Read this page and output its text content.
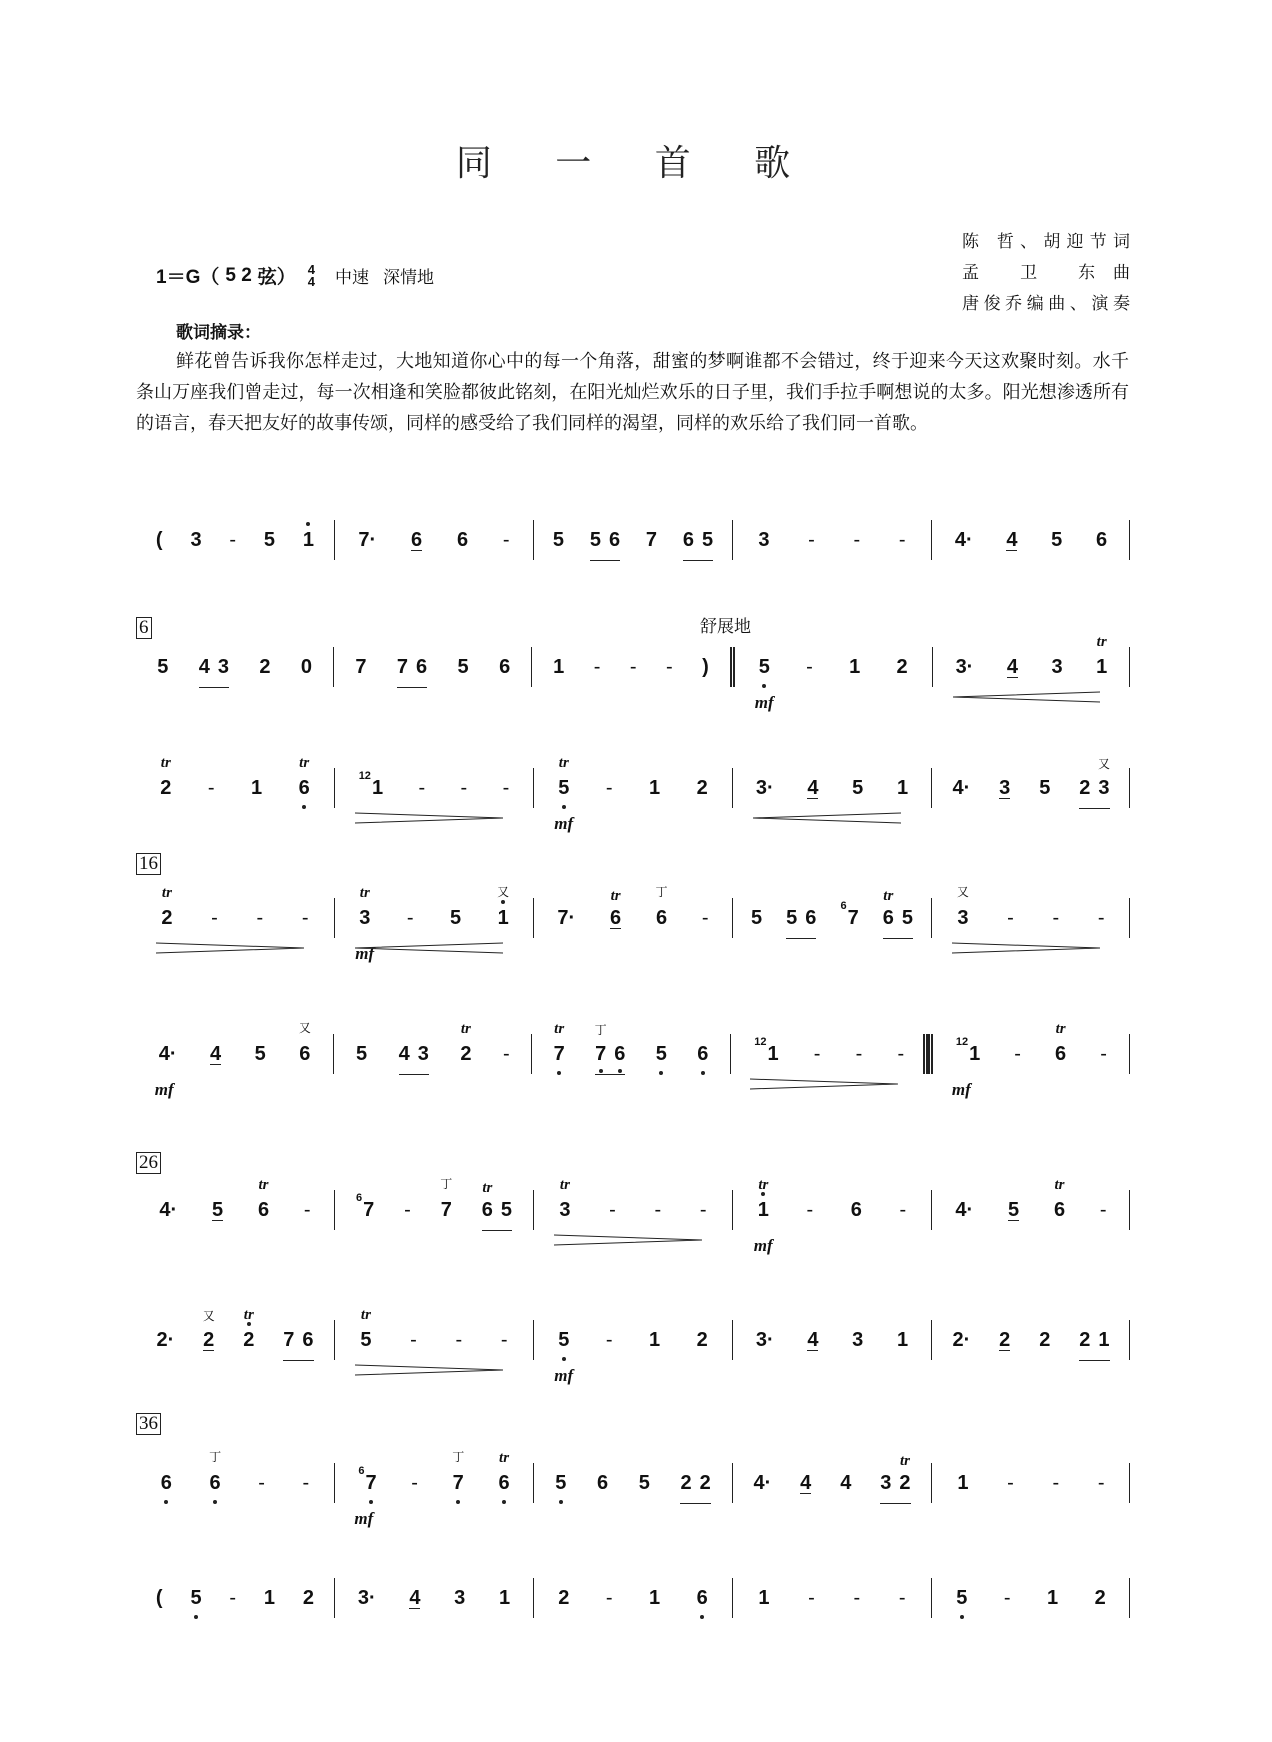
同 一 首 歌
1＝G（ 5 2 弦） 4
4 中速 深情地
陈 哲、胡迎节词
孟 卫 东曲
唐俊乔编曲、演奏
歌词摘录：
鲜花曾告诉我你怎样走过，大地知道你心中的每一个角落，甜蜜的梦啊谁都不会错过，终于迎来今天这欢聚时刻。水千条山万座我们曾走过，每一次相逢和笑脸都彼此铭刻，在阳光灿烂欢乐的日子里，我们手拉手啊想说的太多。阳光想渗透所有的语言，春天把友好的故事传颂，同样的感受给了我们同样的渴望，同样的欢乐给了我们同一首歌。
舒展地
6
16
26
36
( 3 - 5 1 7· 6 6 - 5 5 6 7 6 5 3 - - - 4· 4 5 6
5 4 3 2 0 7 7 6 5 6 1 - - - ) 5
mf
- 1 2 3· 4 3 1
tr
2
tr
- 1 6
tr
12
1 - - - 5
tr
mf
- 1 2 3· 4 5 1 4· 3 5 2 3
又
2
tr
- - -	3
tr
mf
- 5 1
又
7· 6
tr
6
丁
- 5 5 6
6
7 6
tr
5 3
又
- - -
4·
mf
4 5 6
又
5 4 3 2
tr
- 7
tr
7
丁
6 5 6
12
1 - - -
12
1
mf
- 6
tr
-
4· 5 6
tr
-
6
7 - 7
丁
6
tr
5 3
tr
- - -	1
tr
mf
- 6 - 4· 5 6
tr
-
2· 2
又
2
tr
7 6 5
tr
- - -	5
mf
- 1 2 3· 4 3 1 2· 2 2 2 1
6 6
丁
- -
6
7
mf
- 7
丁
6
tr
5 6 5 2 2 4· 4 4 3 2
tr
1 - - -
( 5 - 1 2 3· 4 3 1 2 - 1 6	1 - - -	5 - 1 2
